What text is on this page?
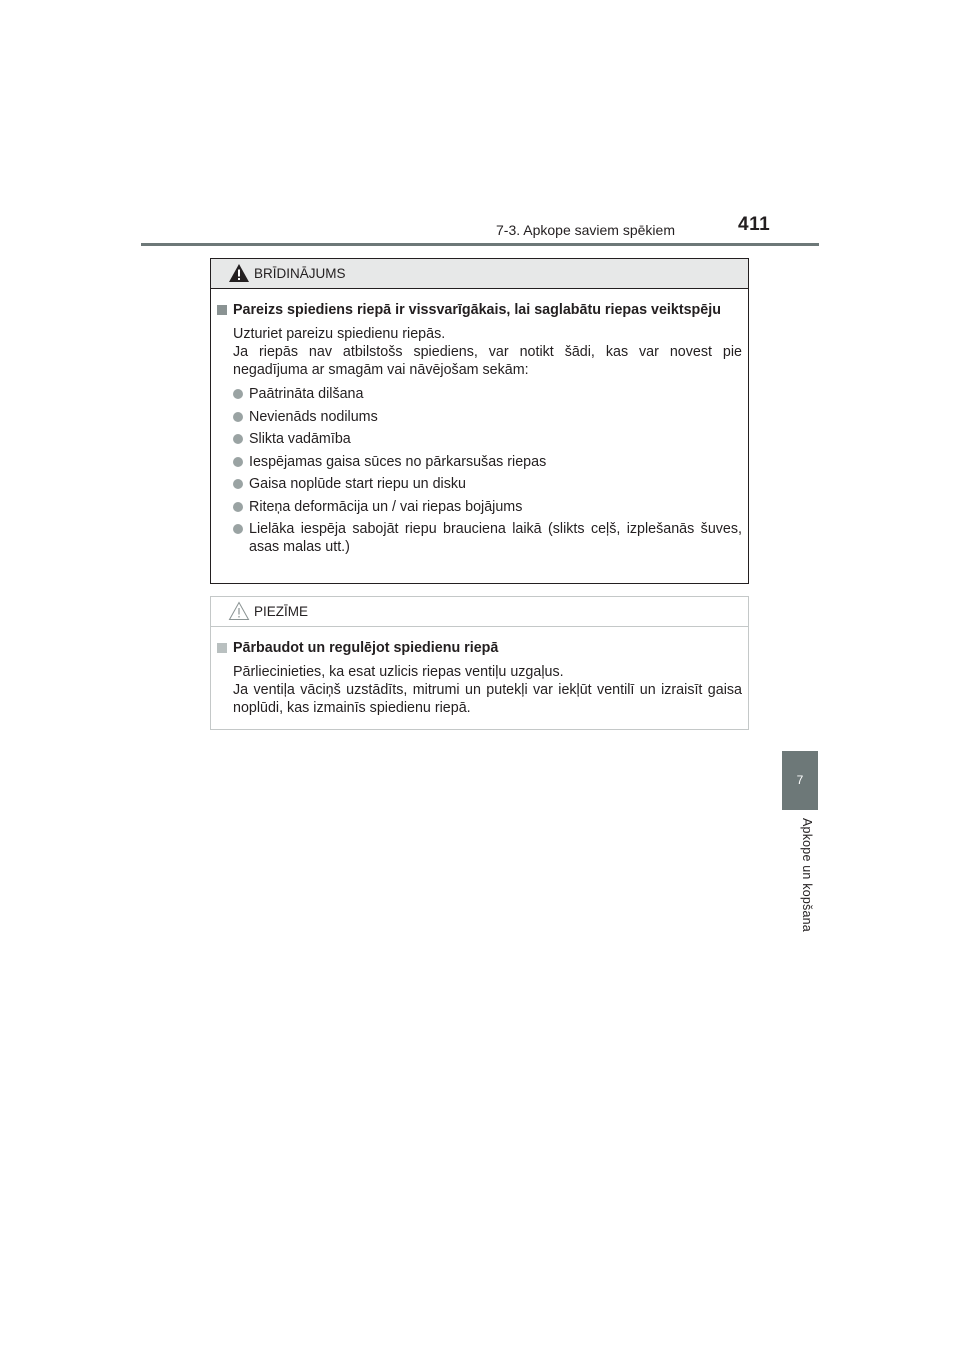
7-3. Apkope saviem spēkiem	411
BRĪDINĀJUMS
Pareizs spiediens riepā ir vissvarīgākais, lai saglabātu riepas veiktspēju
Uzturiet pareizu spiedienu riepās.
Ja riepās nav atbilstošs spiediens, var notikt šādi, kas var novest pie negadījuma ar smagām vai nāvējošam sekām:
Paātrināta dilšana
Nevienāds nodilums
Slikta vadāmība
Iespējamas gaisa sūces no pārkarsušas riepas
Gaisa noplūde start riepu un disku
Riteņa deformācija un / vai riepas bojājums
Lielāka iespēja sabojāt riepu brauciena laikā (slikts ceļš, izplešanās šuves, asas malas utt.)
PIEZĪME
Pārbaudot un regulējot spiedienu riepā
Pārliecinieties, ka esat uzlicis riepas ventiļu uzgaļus.
Ja ventiļa vāciņš uzstādīts, mitrumi un putekļi var iekļūt ventilī un izraisīt gaisa noplūdi, kas izmainīs spiedienu riepā.
7
Apkope un kopšana
